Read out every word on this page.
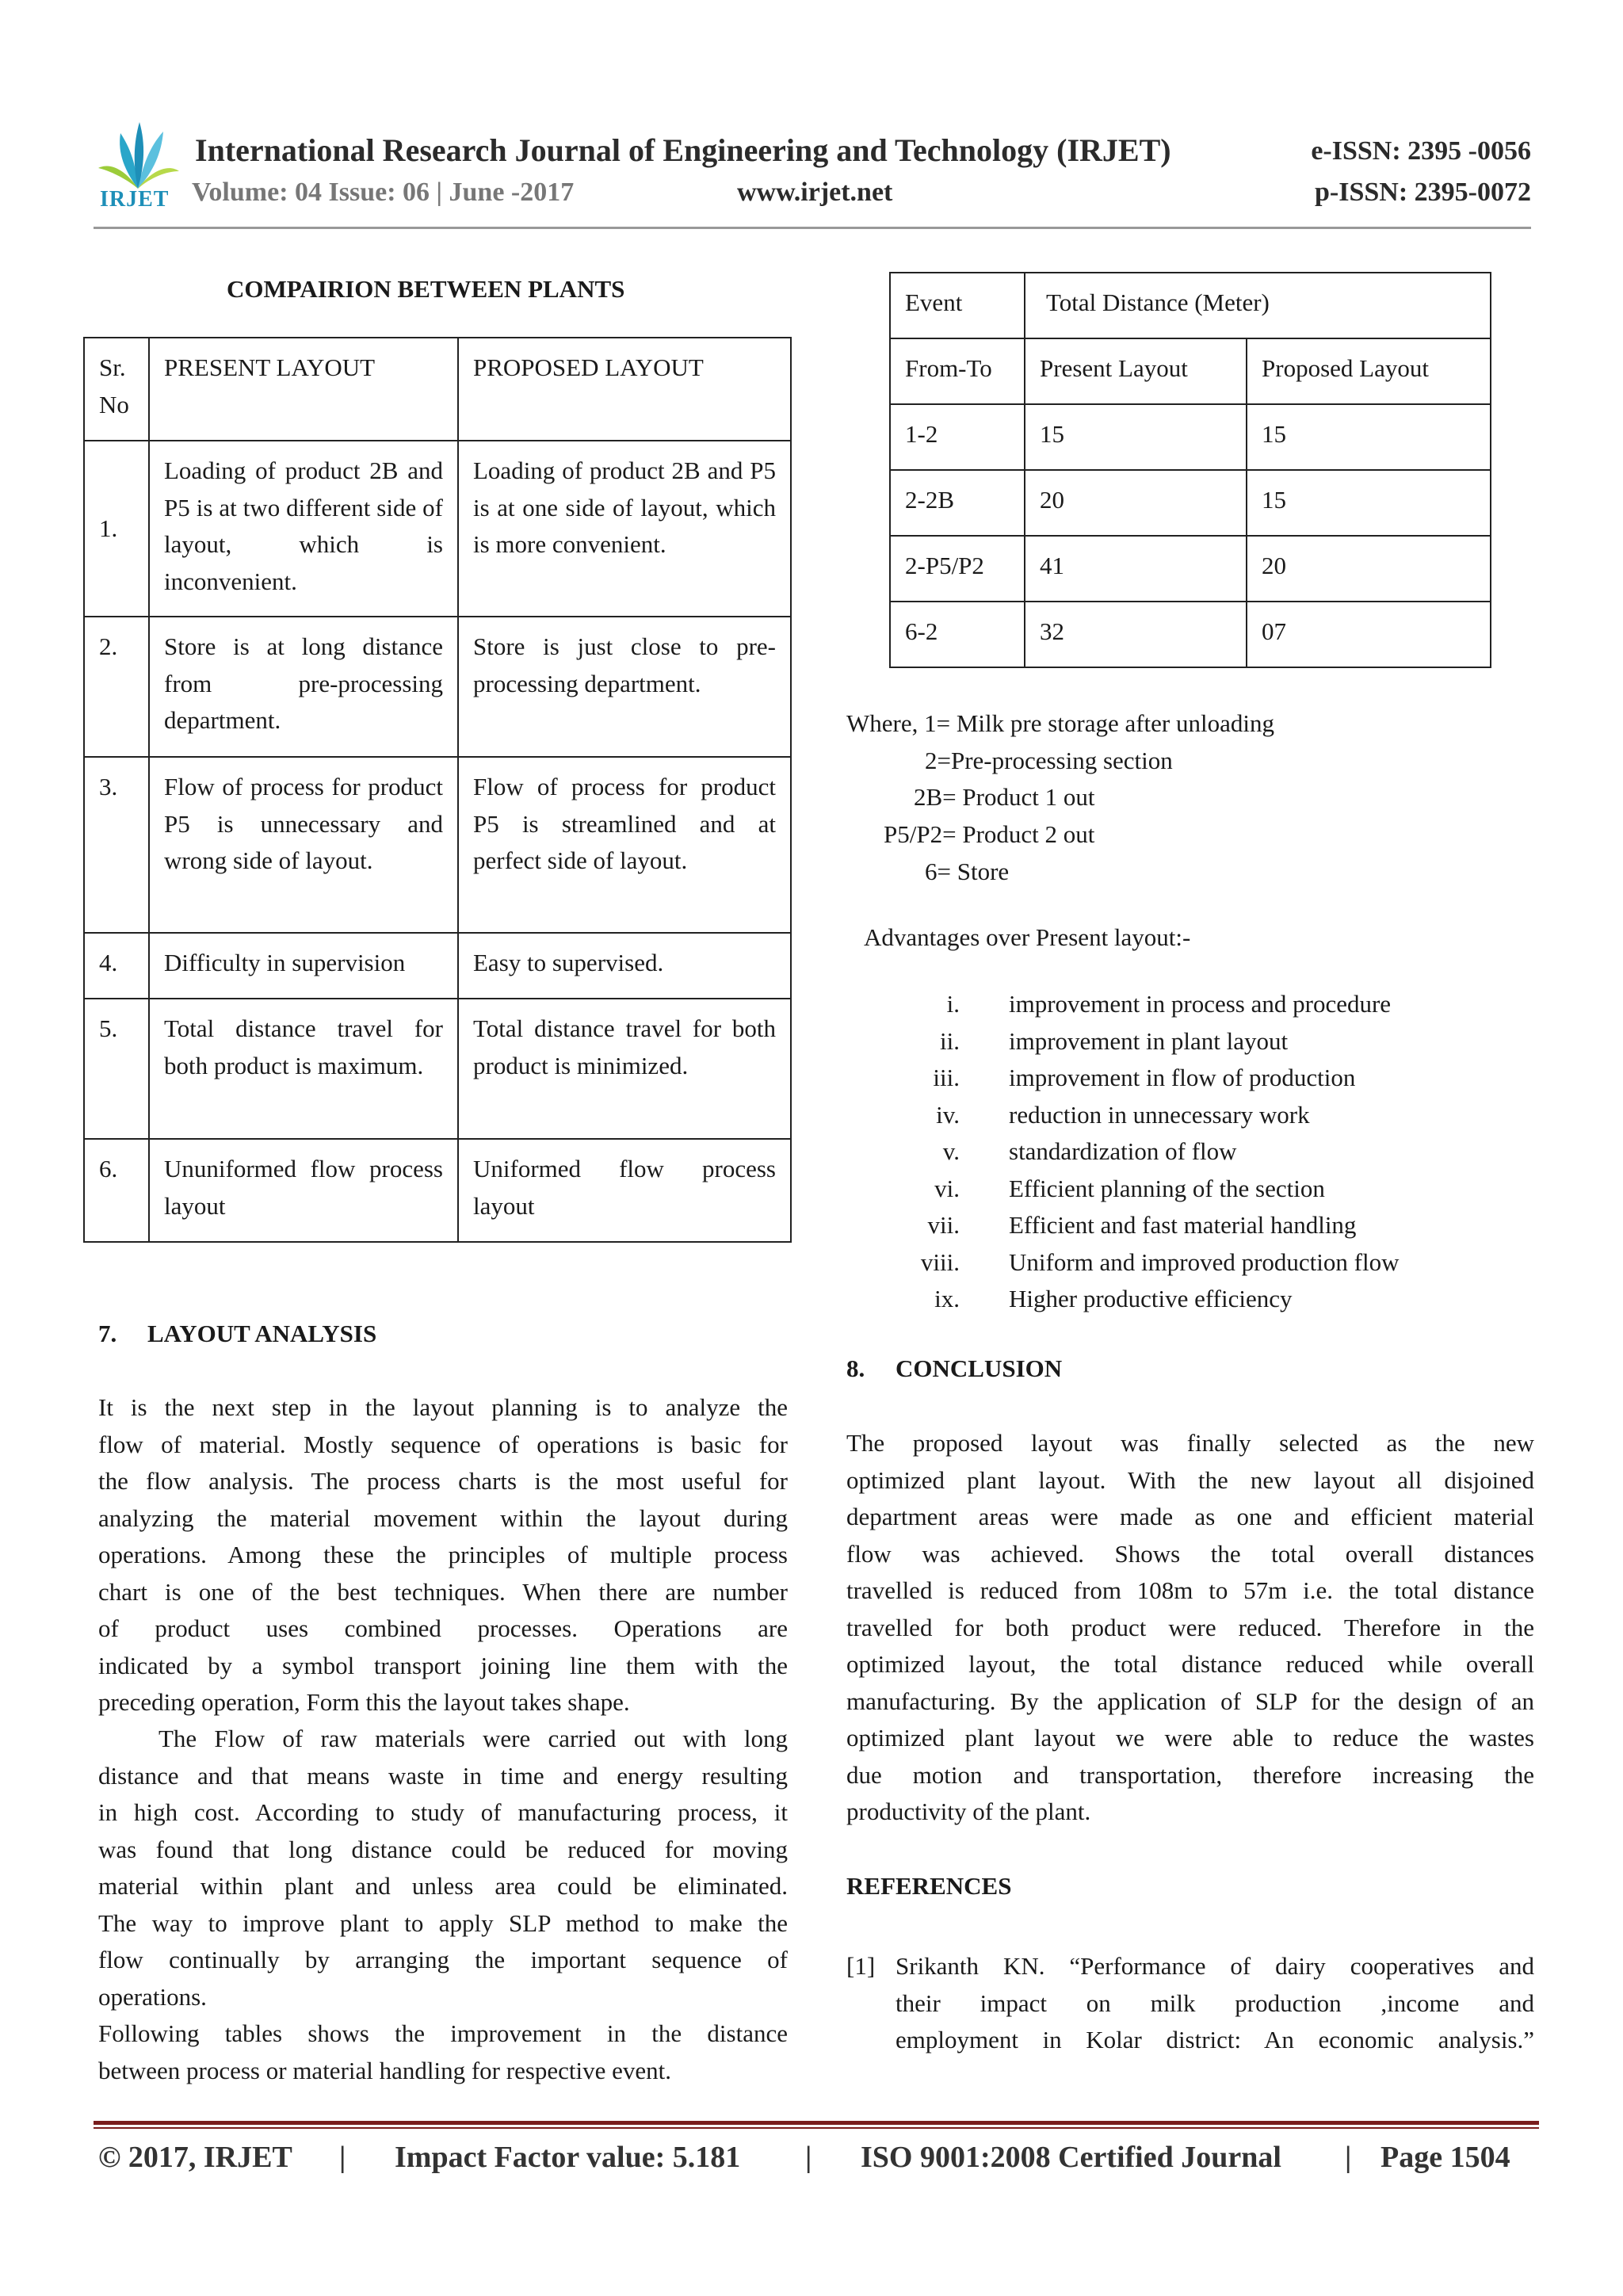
IRJET
International Research Journal of Engineering and Technology (IRJET)	e-ISSN: 2395 -0056
Volume: 04 Issue: 06 | June -2017	www.irjet.net	p-ISSN: 2395-0072
COMPAIRION BETWEEN PLANTS
Sr. No	PRESENT LAYOUT	PROPOSED LAYOUT
1.	Loading of product 2B and P5 is at two different side of layout, which is inconvenient.	Loading of product 2B and P5 is at one side of layout, which is more convenient.
2.	Store is at long distance from pre-processing department.	Store is just close to pre-processing department.
3.	Flow of process for product P5 is unnecessary and wrong side of layout.	Flow of process for product P5 is streamlined and at perfect side of layout.
4.	Difficulty in supervision	Easy to supervised.
5.	Total distance travel for both product is maximum.	Total distance travel for both product is minimized.
6.	Ununiformed flow process layout	Uniformed flow process layout
7. LAYOUT ANALYSIS
It is the next step in the layout planning is to analyze the
flow of material. Mostly sequence of operations is basic for
the flow analysis. The process charts is the most useful for
analyzing the material movement within the layout during
operations. Among these the principles of multiple process
chart is one of the best techniques. When there are number
of product uses combined processes. Operations are
indicated by a symbol transport joining line them with the
preceding operation, Form this the layout takes shape.
The Flow of raw materials were carried out with long
distance and that means waste in time and energy resulting
in high cost. According to study of manufacturing process, it
was found that long distance could be reduced for moving
material within plant and unless area could be eliminated.
The way to improve plant to apply SLP method to make the
flow continually by arranging the important sequence of
operations.
Following tables shows the improvement in the distance
between process or material handling for respective event.
Event	Total Distance (Meter)	
From-To	Present Layout	Proposed Layout
1-2	15	15
2-2B	20	15
2-P5/P2	41	20
6-2	32	07
Where, 1= Milk pre storage after unloading
2=Pre-processing section
2B= Product 1 out
P5/P2= Product 2 out
6= Store
Advantages over Present layout:-
i. improvement in process and procedure
ii. improvement in plant layout
iii. improvement in flow of production
iv. reduction in unnecessary work
v. standardization of flow
vi. Efficient planning of the section
vii. Efficient and fast material handling
viii. Uniform and improved production flow
ix. Higher productive efficiency
8. CONCLUSION
The proposed layout was finally selected as the new
optimized plant layout. With the new layout all disjoined
department areas were made as one and efficient material
flow was achieved. Shows the total overall distances
travelled is reduced from 108m to 57m i.e. the total distance
travelled for both product were reduced. Therefore in the
optimized layout, the total distance reduced while overall
manufacturing. By the application of SLP for the design of an
optimized plant layout we were able to reduce the wastes
due motion and transportation, therefore increasing the
productivity of the plant.
REFERENCES
[1] Srikanth KN. “Performance of dairy cooperatives and
their impact on milk production ,income and
employment in Kolar district: An economic analysis.”
© 2017, IRJET | Impact Factor value: 5.181 | ISO 9001:2008 Certified Journal | Page 1504
